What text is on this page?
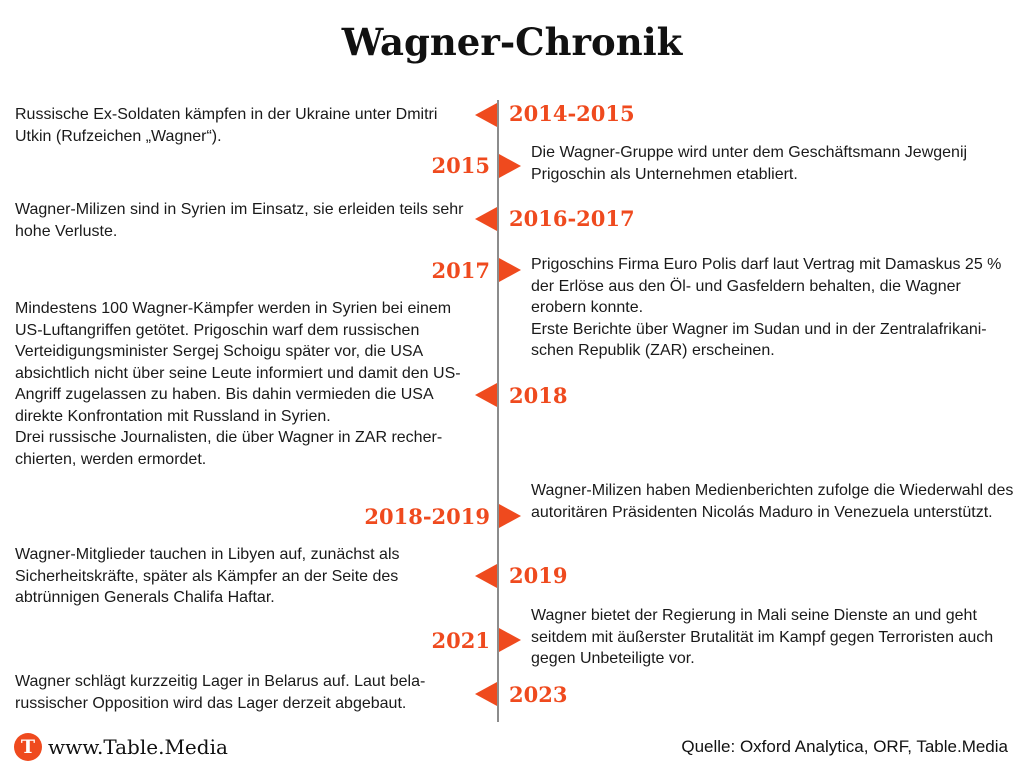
Wagner-Chronik
2014-2015

Russische Ex-Soldaten kämpfen in der Ukraine unter Dmitri Utkin (Rufzeichen „Wagner“).

2015

Die Wagner-Gruppe wird unter dem Geschäftsmann Jewgenij Prigoschin als Unternehmen etabliert.

2016-2017

Wagner-Milizen sind in Syrien im Einsatz, sie erleiden teils sehr hohe Verluste.

2017	Prigoschins Firma Euro Polis darf laut Vertrag mit Damaskus 25 % der Erlöse aus den Öl- und Gasfeldern behalten, die Wagner erobern konnte.

Erste Berichte über Wagner im Sudan und in der Zentralafrikanischen Republik (ZAR) erscheinen.

2018

Mindestens 100 Wagner-Kämpfer werden in Syrien bei einem US-Luftangriffen getötet. Prigoschin warf dem russischen Verteidigungsminister Sergej Schoigu später vor, die USA absichtlich nicht über seine Leute informiert und damit den US-Angriff zugelassen zu haben. Bis dahin vermieden die USA direkte Konfrontation mit Russland in Syrien.

Drei russische Journalisten, die über Wagner in ZAR recherchierten, werden ermordet.

2018-2019

Wagner-Milizen haben Medienberichten zufolge die Wiederwahl des autoritären Präsidenten Nicolás Maduro in Venezuela unterstützt.

2019

Wagner-Mitglieder tauchen in Libyen auf, zunächst als Sicherheitskräfte, später als Kämpfer an der Seite des abtrünnigen Generals Chalifa Haftar.

2021

Wagner bietet der Regierung in Mali seine Dienste an und geht seitdem mit äußerster Brutalität im Kampf gegen Terroristen auch gegen Unbeteiligte vor.

2023

Wagner schlägt kurzzeitig Lager in Belarus auf. Laut belarussischer Opposition wird das Lager derzeit abgebaut.

T www.Table.Media	Quelle: Oxford Analytica, ORF, Table.Media
